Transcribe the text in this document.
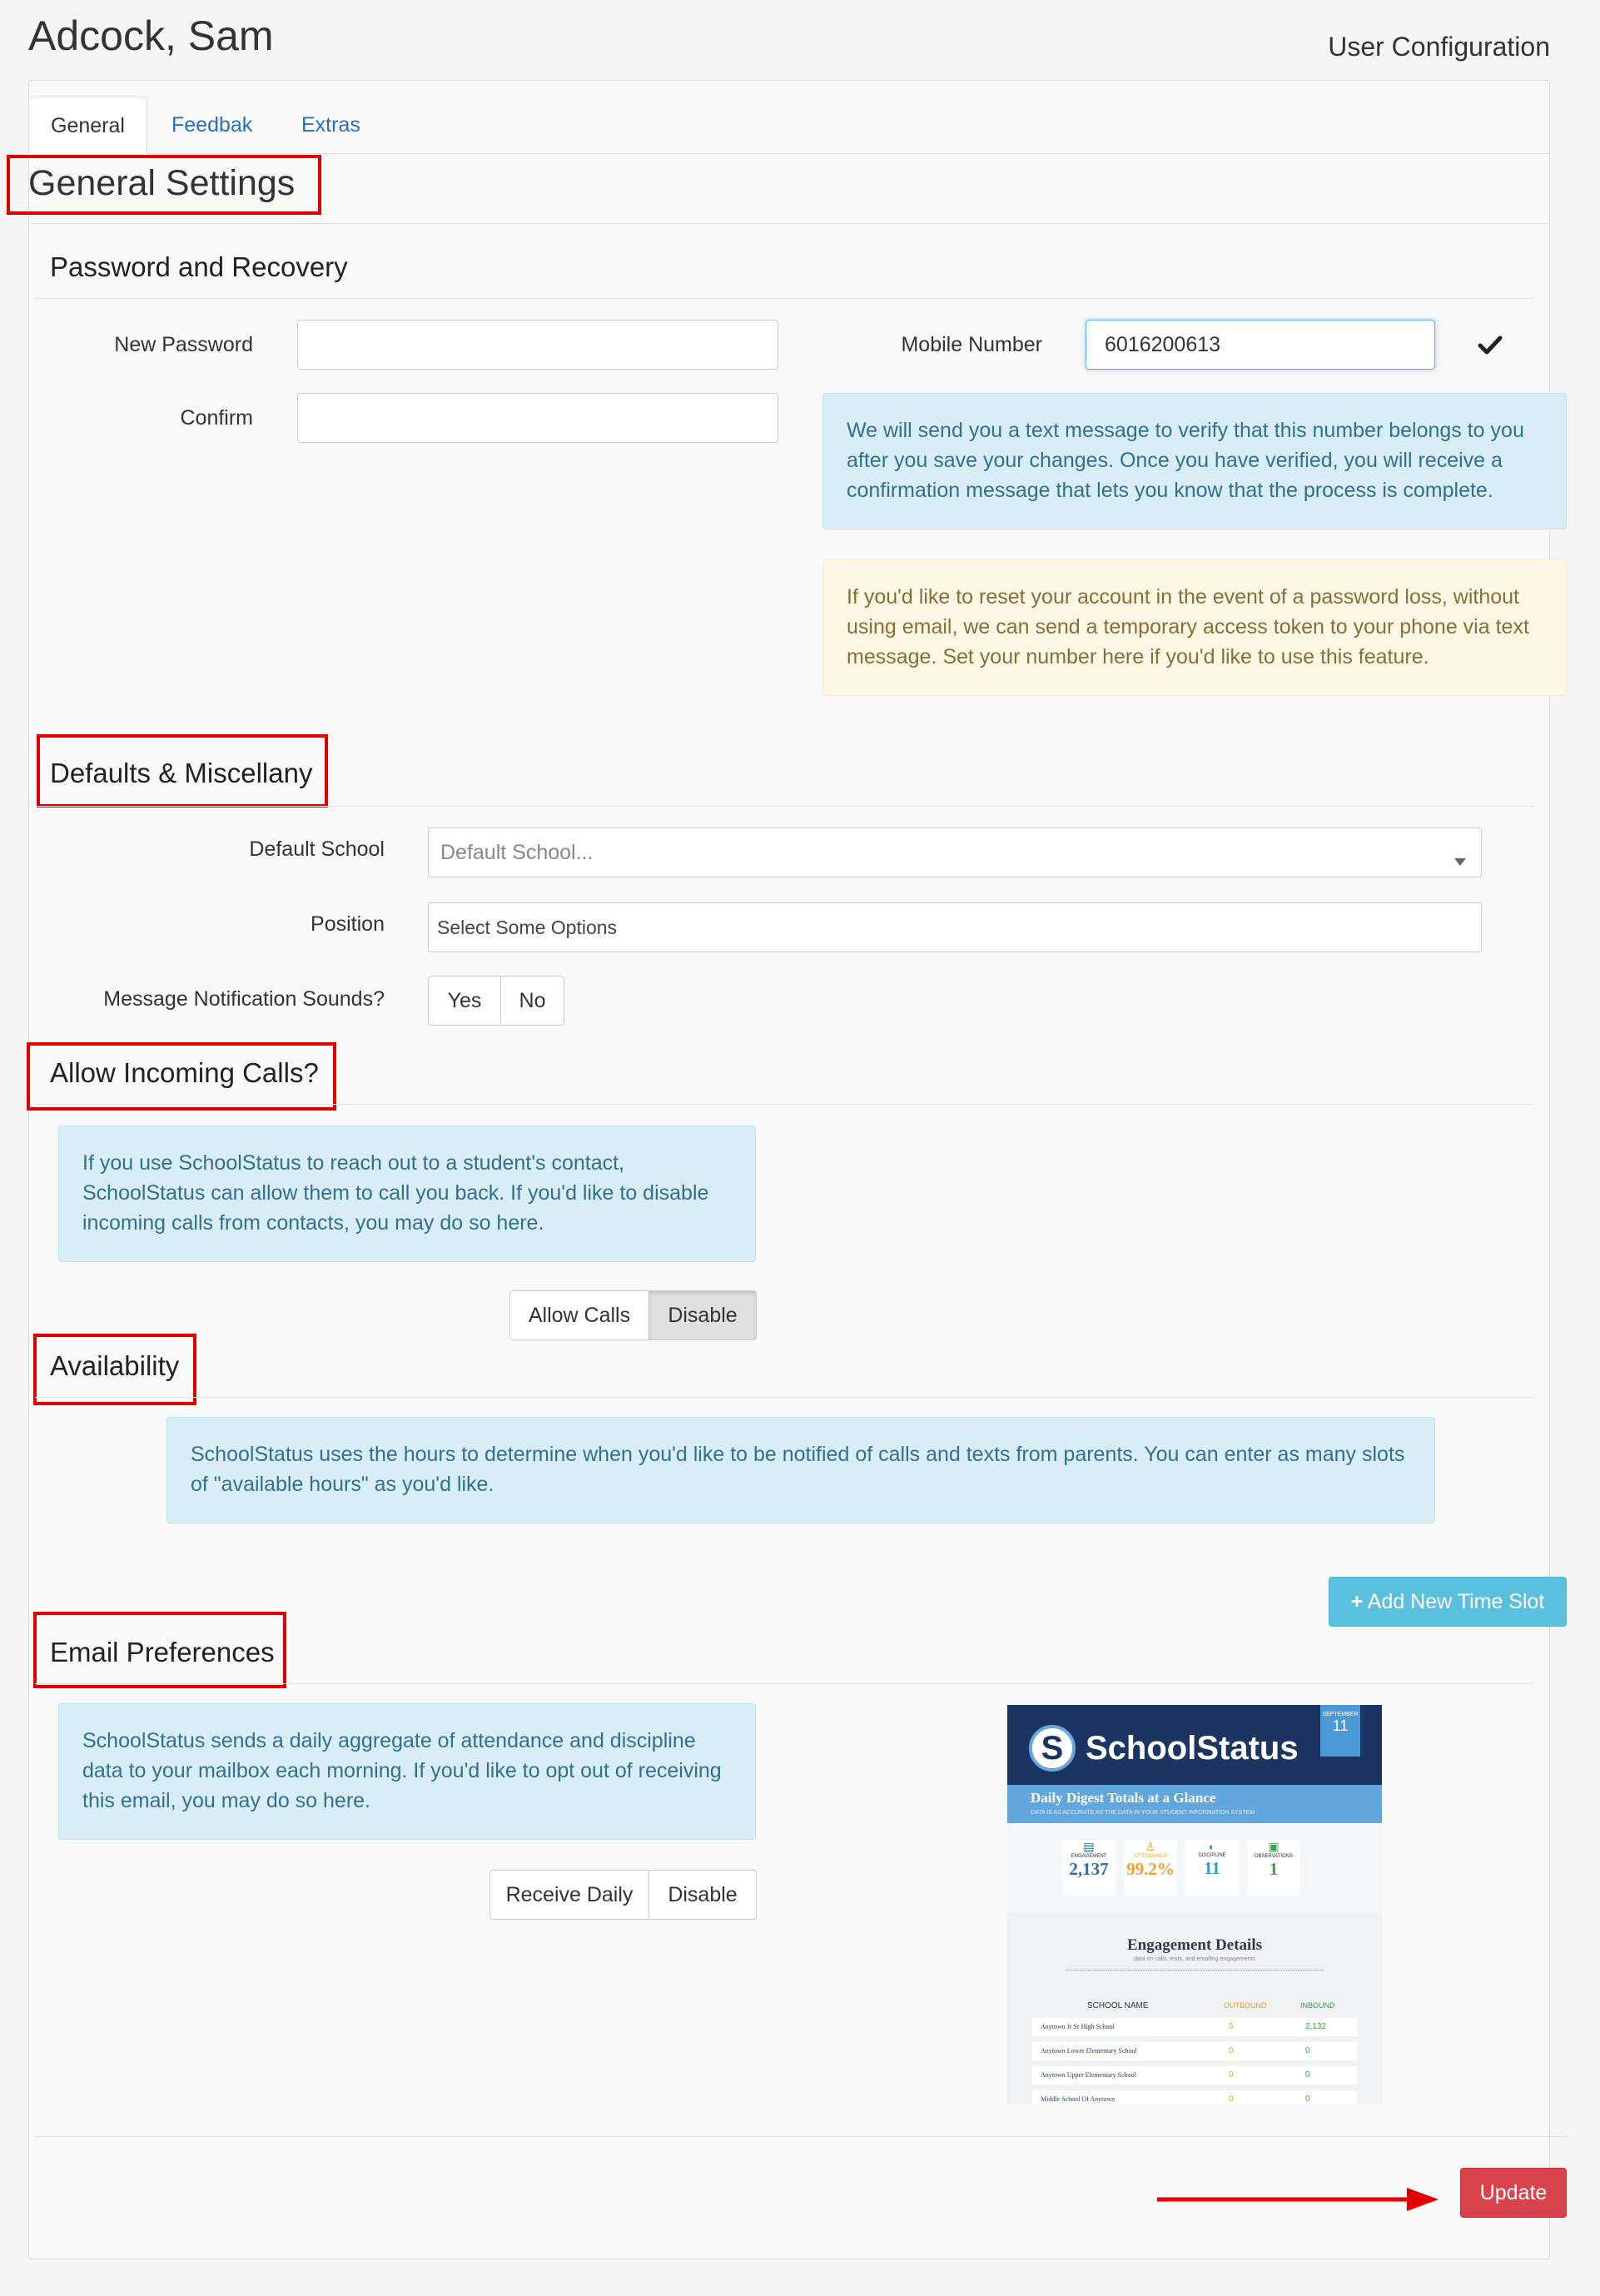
Adcock, Sam	User Configuration
General	Feedbak	Extras
General Settings
Password and Recovery
New Password
Confirm
Mobile Number	6016200613
We will send you a text message to verify that this number belongs to you after you save your changes. Once you have verified, you will receive a confirmation message that lets you know that the process is complete.
If you'd like to reset your account in the event of a password loss, without using email, we can send a temporary access token to your phone via text message. Set your number here if you'd like to use this feature.
Defaults & Miscellany
Default School	Default School...
Position	Select Some Options
Message Notification Sounds?	Yes	No
Allow Incoming Calls?
If you use SchoolStatus to reach out to a student's contact, SchoolStatus can allow them to call you back. If you'd like to disable incoming calls from contacts, you may do so here.
Allow Calls	Disable
Availability
SchoolStatus uses the hours to determine when you'd like to be notified of calls and texts from parents. You can enter as many slots of "available hours" as you'd like.
+ Add New Time Slot
Email Preferences
SchoolStatus sends a daily aggregate of attendance and discipline data to your mailbox each morning. If you'd like to opt out of receiving this email, you may do so here.
Receive Daily	Disable
S SchoolStatus
SEPTEMBER
11
Daily Digest Totals at a Glance
DATA IS AS ACCURATE AS THE DATA IN YOUR STUDENT INFORMATION SYSTEM
▤
ENGAGEMENT
2,137
♙
ATTENDANCE
99.2%
◐
DISCIPLINE
11
▣
OBSERVATIONS
1
Engagement Details
data on calls, texts, and emailing engagements
SCHOOL NAME	OUTBOUND	INBOUND
Anytown Jr Sr High School	5	2,132
Anytown Lower Elementary School	0	0
Anytown Upper Elementary School	0	0
Middle School Of Anytown	0	0
Update
